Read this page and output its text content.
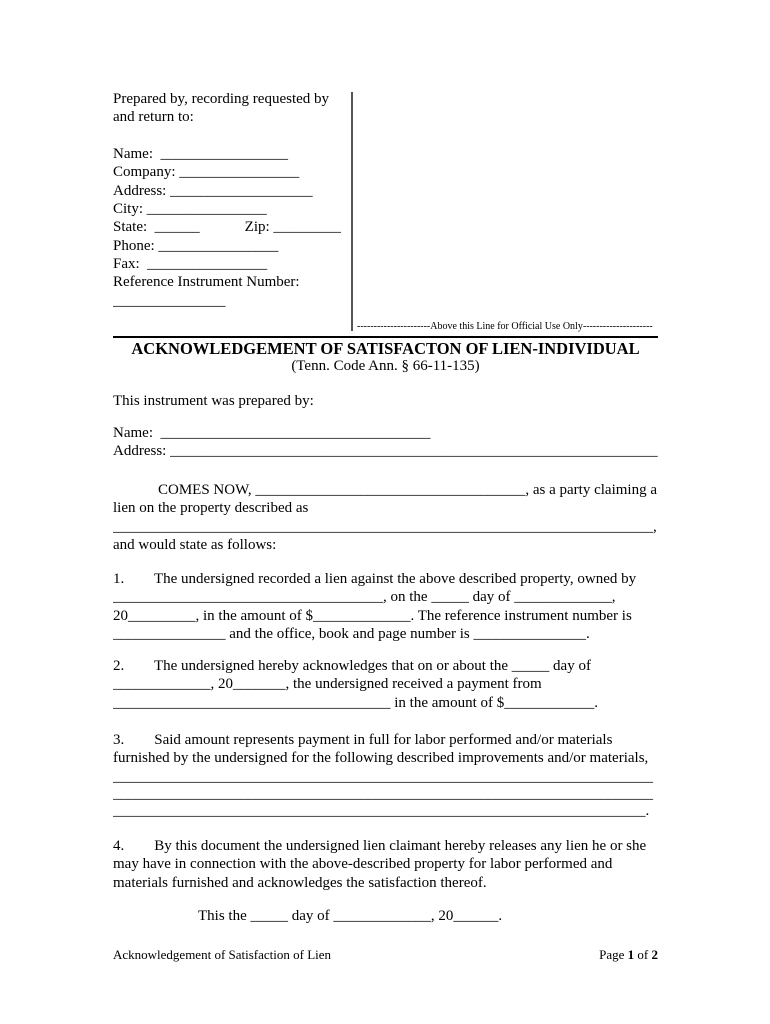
Prepared by, recording requested by
and return to:
Name:  _________________
Company: ________________
Address: ___________________
City: ________________
State:  ______            Zip: _________
Phone: ________________
Fax:  ________________
Reference Instrument Number:
_______________
----------------------Above this Line for Official Use Only---------------------
ACKNOWLEDGEMENT OF SATISFACTON OF LIEN-INDIVIDUAL
(Tenn. Code Ann. § 66-11-135)
This instrument was prepared by:
Name:  ____________________________________
Address: _________________________________________________________________
COMES NOW, ____________________________________, as a party claiming a
lien on the property described as
________________________________________________________________________,
and would state as follows:
1.        The undersigned recorded a lien against the above described property, owned by
____________________________________, on the _____ day of _____________,
20_________, in the amount of $_____________. The reference instrument number is
_______________ and the office, book and page number is _______________.
2.        The undersigned hereby acknowledges that on or about the _____ day of
_____________, 20_______, the undersigned received a payment from
_____________________________________ in the amount of $____________.
3.        Said amount represents payment in full for labor performed and/or materials
furnished by the undersigned for the following described improvements and/or materials,
________________________________________________________________________
________________________________________________________________________
_______________________________________________________________________.
4.        By this document the undersigned lien claimant hereby releases any lien he or she
may have in connection with the above-described property for labor performed and
materials furnished and acknowledges the satisfaction thereof.
This the _____ day of _____________, 20______.
Acknowledgement of Satisfaction of Lien	Page 1 of 2
